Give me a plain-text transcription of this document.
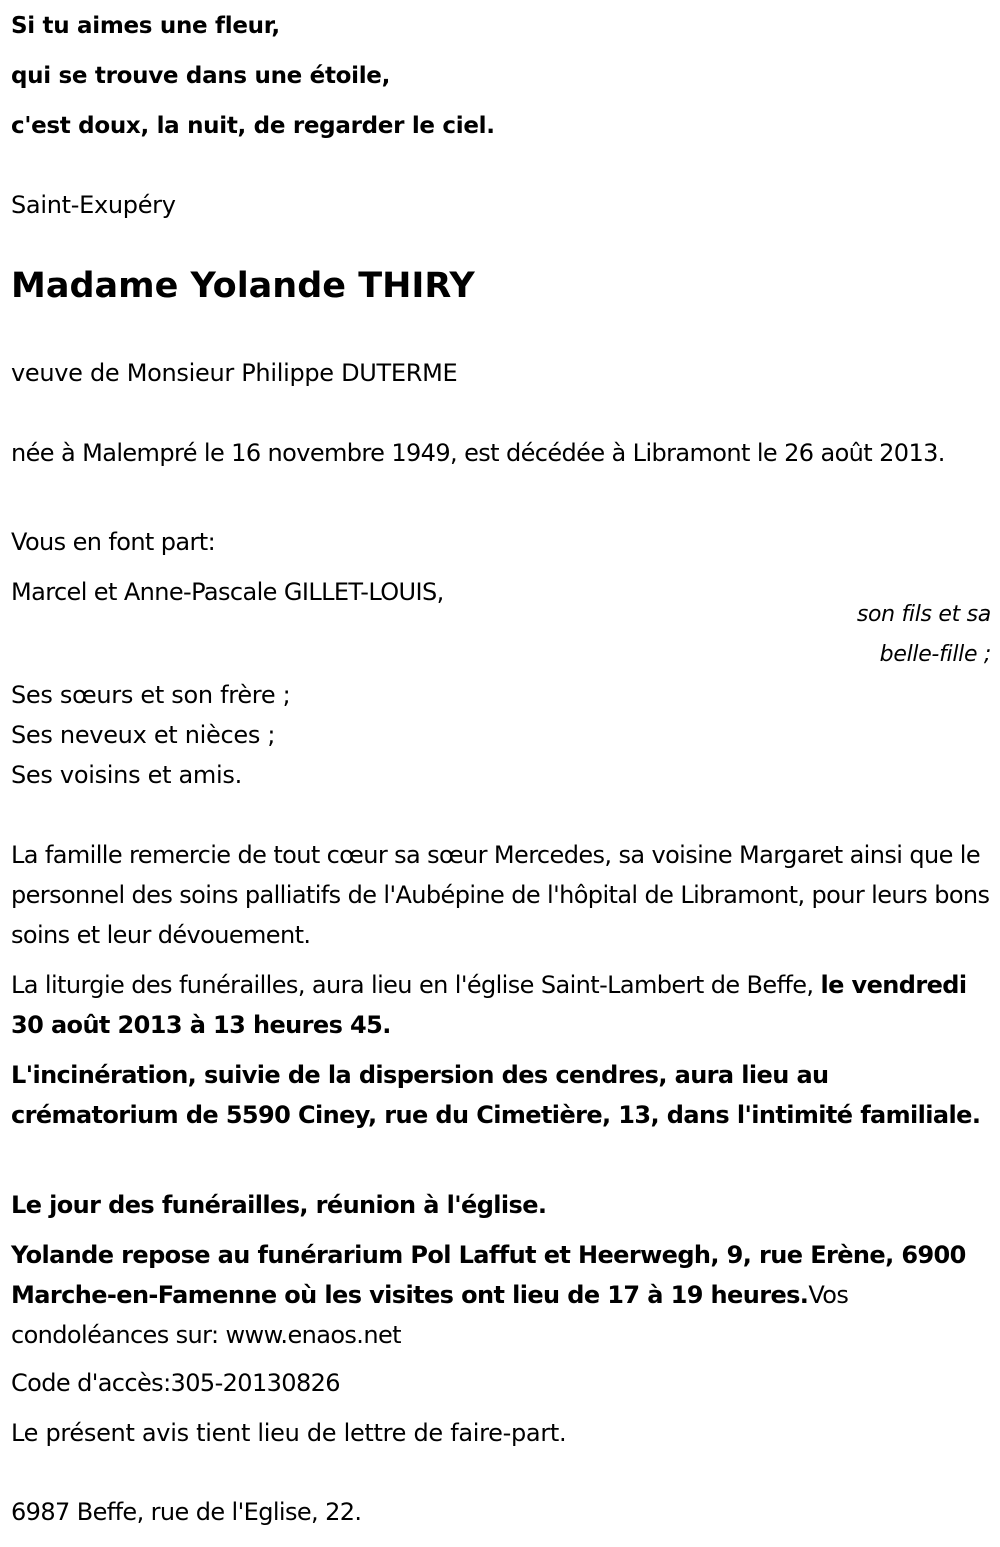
Si tu aimes une fleur,
qui se trouve dans une étoile,
c'est doux, la nuit, de regarder le ciel.
Saint-Exupéry
Madame Yolande THIRY
veuve de Monsieur Philippe DUTERME
née à Malempré le 16 novembre 1949, est décédée à Libramont le 26 août 2013.
Vous en font part:
Marcel et Anne-Pascale GILLET-LOUIS,
son fils et sa
belle-fille ;
Ses sœurs et son frère ;
Ses neveux et nièces ;
Ses voisins et amis.
La famille remercie de tout cœur sa sœur Mercedes, sa voisine Margaret ainsi que le personnel des soins palliatifs de l'Aubépine de l'hôpital de Libramont, pour leurs bons soins et leur dévouement.
La liturgie des funérailles, aura lieu en l'église Saint-Lambert de Beffe, le vendredi 30 août 2013 à 13 heures 45.
L'incinération, suivie de la dispersion des cendres, aura lieu au crématorium de 5590 Ciney, rue du Cimetière, 13, dans l'intimité familiale.
Le jour des funérailles, réunion à l'église.
Yolande repose au funérarium Pol Laffut et Heerwegh, 9, rue Erène, 6900 Marche-en-Famenne où les visites ont lieu de 17 à 19 heures.Vos condoléances sur: www.enaos.net
Code d'accès:305-20130826
Le présent avis tient lieu de lettre de faire-part.
6987 Beffe, rue de l'Eglise, 22.
